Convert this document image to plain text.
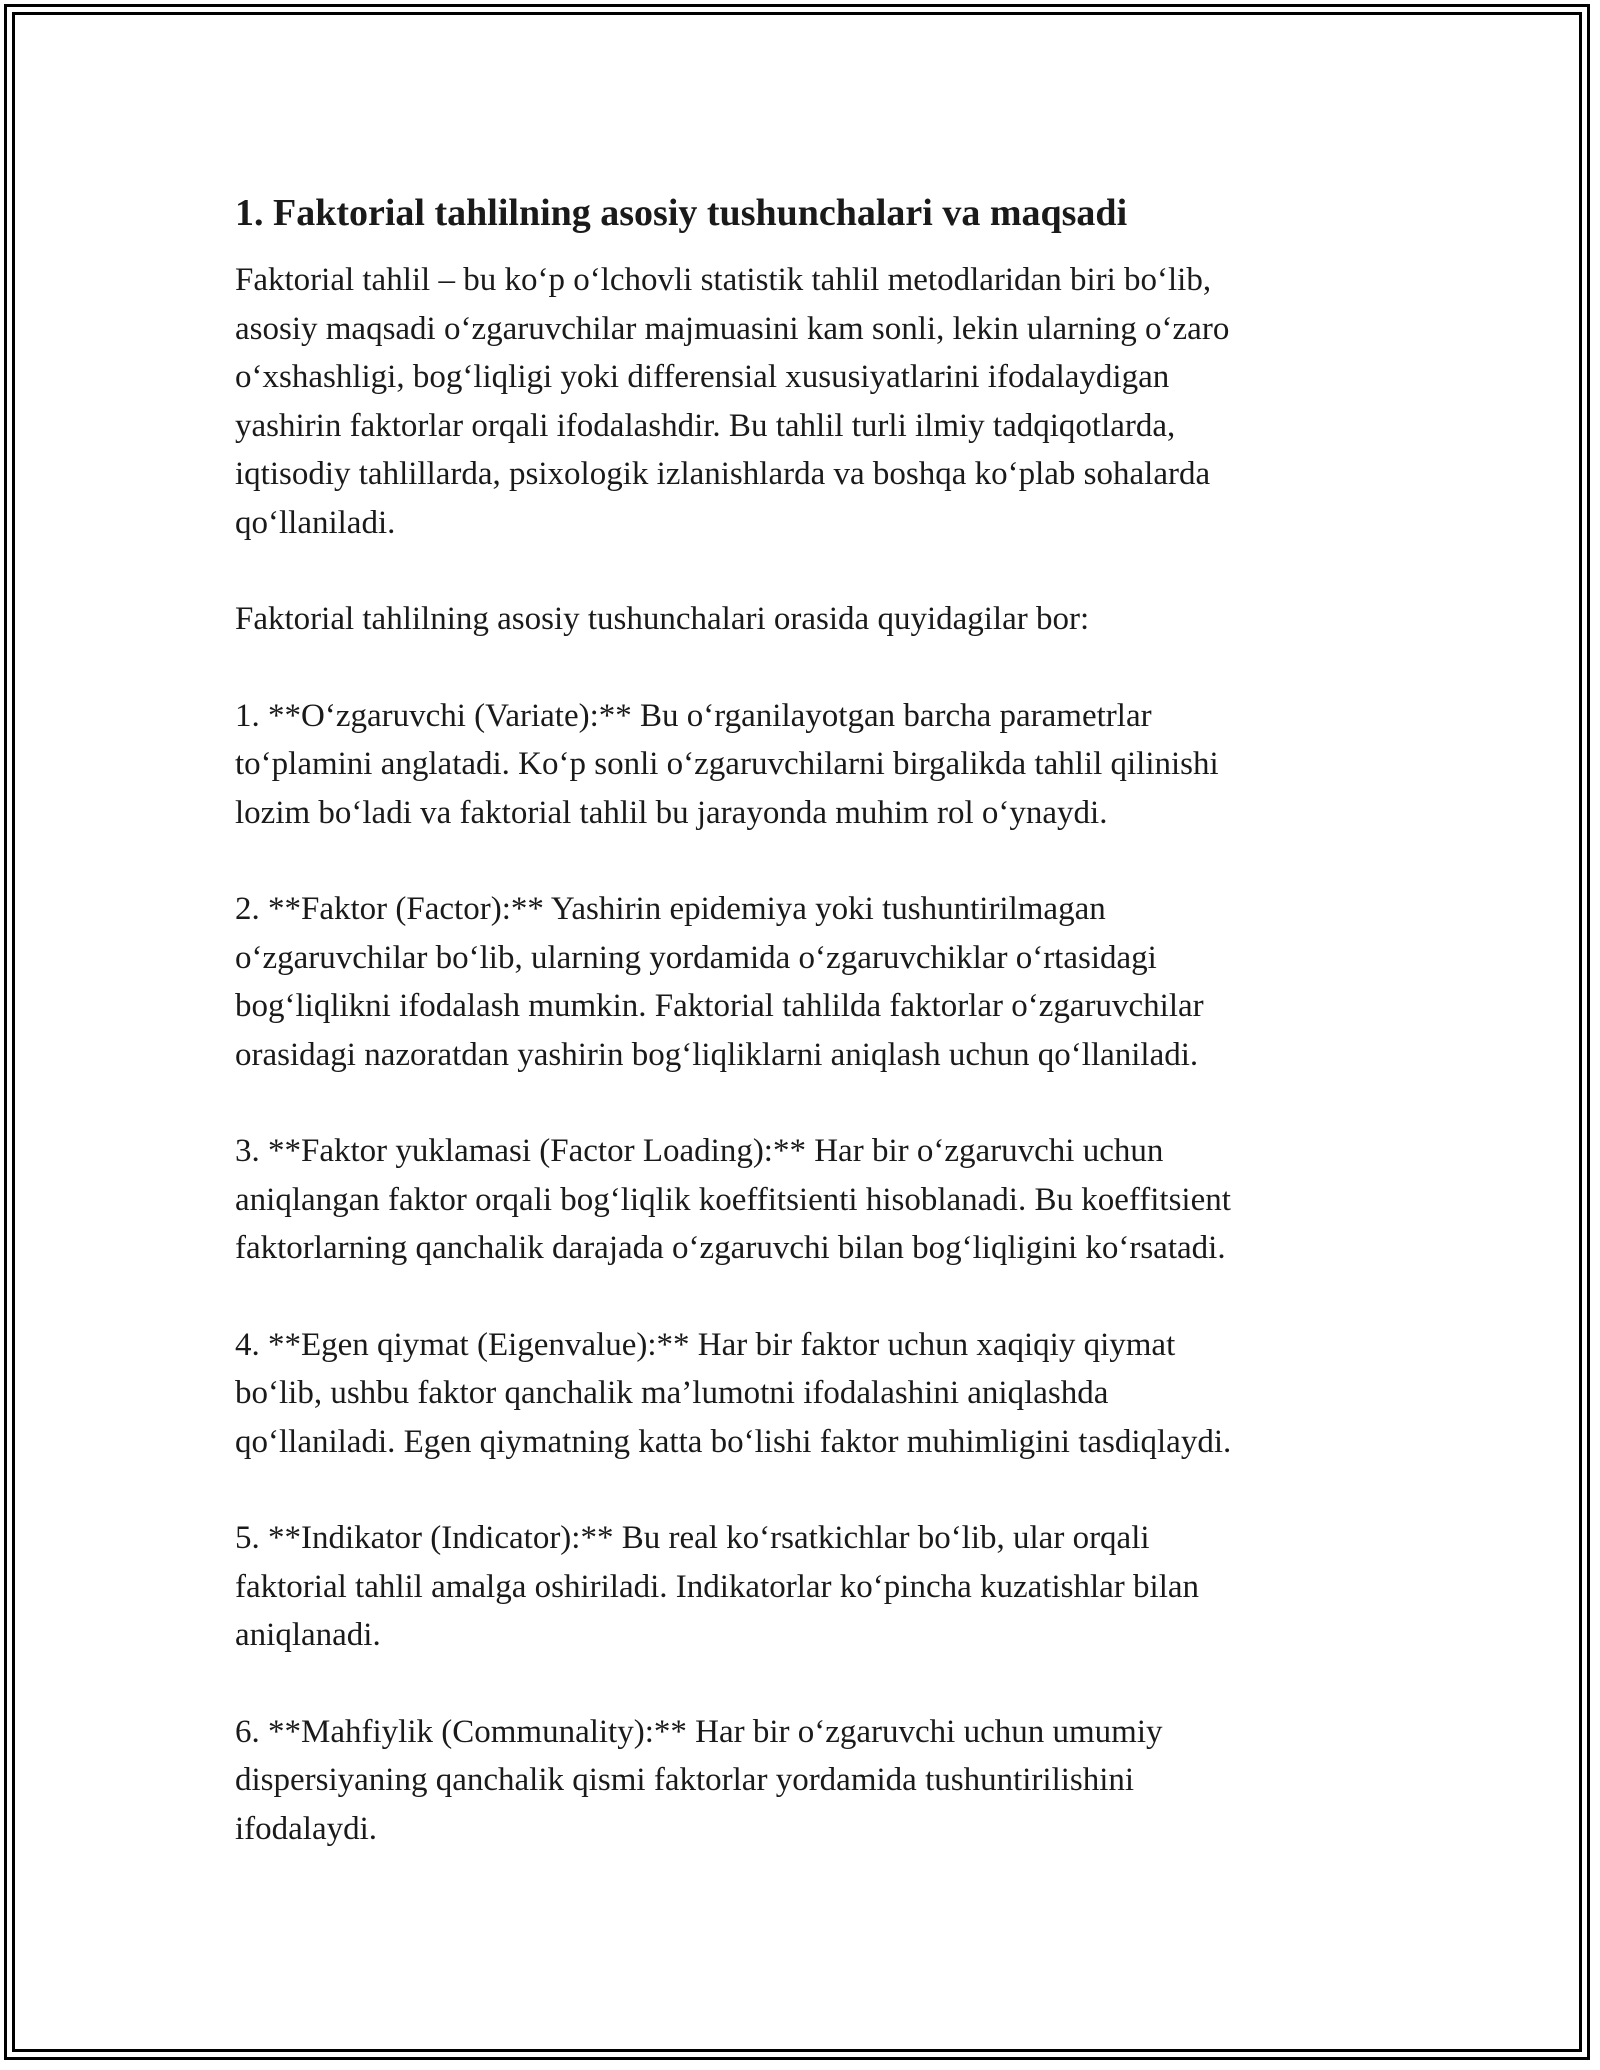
1. Faktorial tahlilning asosiy tushunchalari va maqsadi
Faktorial tahlil – bu ko‘p o‘lchovli statistik tahlil metodlaridan biri bo‘lib,
asosiy maqsadi o‘zgaruvchilar majmuasini kam sonli, lekin ularning o‘zaro
o‘xshashligi, bog‘liqligi yoki differensial xususiyatlarini ifodalaydigan
yashirin faktorlar orqali ifodalashdir. Bu tahlil turli ilmiy tadqiqotlarda,
iqtisodiy tahlillarda, psixologik izlanishlarda va boshqa ko‘plab sohalarda
qo‘llaniladi.
Faktorial tahlilning asosiy tushunchalari orasida quyidagilar bor:
1. **O‘zgaruvchi (Variate):** Bu o‘rganilayotgan barcha parametrlar
to‘plamini anglatadi. Ko‘p sonli o‘zgaruvchilarni birgalikda tahlil qilinishi
lozim bo‘ladi va faktorial tahlil bu jarayonda muhim rol o‘ynaydi.
2. **Faktor (Factor):** Yashirin epidemiya yoki tushuntirilmagan
o‘zgaruvchilar bo‘lib, ularning yordamida o‘zgaruvchiklar o‘rtasidagi
bog‘liqlikni ifodalash mumkin. Faktorial tahlilda faktorlar o‘zgaruvchilar
orasidagi nazoratdan yashirin bog‘liqliklarni aniqlash uchun qo‘llaniladi.
3. **Faktor yuklamasi (Factor Loading):** Har bir o‘zgaruvchi uchun
aniqlangan faktor orqali bog‘liqlik koeffitsienti hisoblanadi. Bu koeffitsient
faktorlarning qanchalik darajada o‘zgaruvchi bilan bog‘liqligini ko‘rsatadi.
4. **Egen qiymat (Eigenvalue):** Har bir faktor uchun xaqiqiy qiymat
bo‘lib, ushbu faktor qanchalik ma’lumotni ifodalashini aniqlashda
qo‘llaniladi. Egen qiymatning katta bo‘lishi faktor muhimligini tasdiqlaydi.
5. **Indikator (Indicator):** Bu real ko‘rsatkichlar bo‘lib, ular orqali
faktorial tahlil amalga oshiriladi. Indikatorlar ko‘pincha kuzatishlar bilan
aniqlanadi.
6. **Mahfiylik (Communality):** Har bir o‘zgaruvchi uchun umumiy
dispersiyaning qanchalik qismi faktorlar yordamida tushuntirilishini
ifodalaydi.
